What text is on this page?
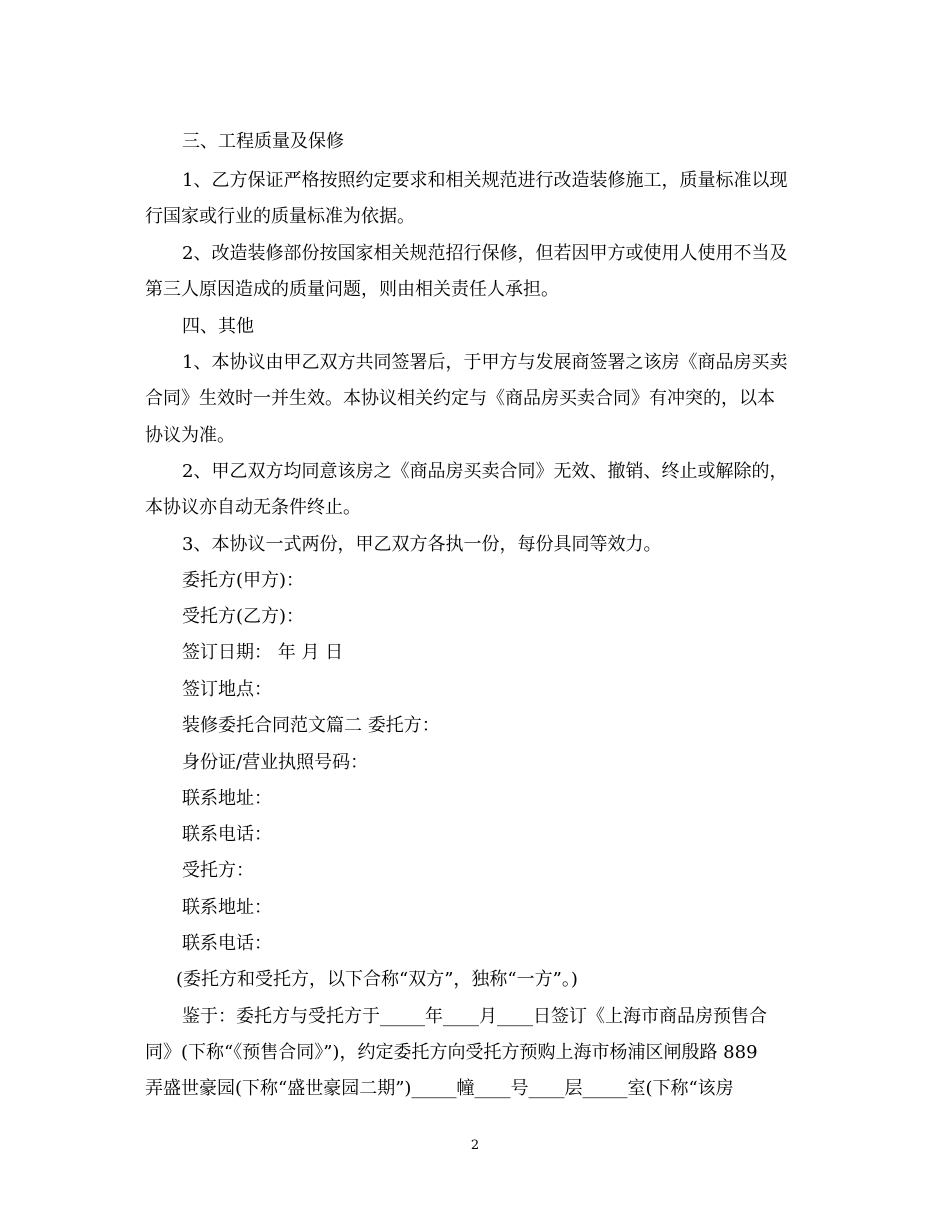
三、工程质量及保修
1、乙方保证严格按照约定要求和相关规范进行改造装修施工，质量标准以现
行国家或行业的质量标准为依据。
2、改造装修部份按国家相关规范招行保修，但若因甲方或使用人使用不当及
第三人原因造成的质量问题，则由相关责任人承担。
四、其他
1、本协议由甲乙双方共同签署后，于甲方与发展商签署之该房《商品房买卖
合同》生效时一并生效。本协议相关约定与《商品房买卖合同》有冲突的，以本
协议为准。
2、甲乙双方均同意该房之《商品房买卖合同》无效、撤销、终止或解除的，
本协议亦自动无条件终止。
3、本协议一式两份，甲乙双方各执一份，每份具同等效力。
委托方(甲方)：
受托方(乙方)：
签订日期： 年 月 日
签订地点：
装修委托合同范文篇二 委托方：
身份证/营业执照号码：
联系地址：
联系电话：
受托方：
联系地址：
联系电话：
(委托方和受托方，以下合称“双方”，独称“一方”。)
鉴于：委托方与受托方于_____年____月____日签订《上海市商品房预售合
同》(下称“《预售合同》”)，约定委托方向受托方预购上海市杨浦区闸殷路 889
弄盛世豪园(下称“盛世豪园二期”)_____幢____号____层_____室(下称“该房
2
